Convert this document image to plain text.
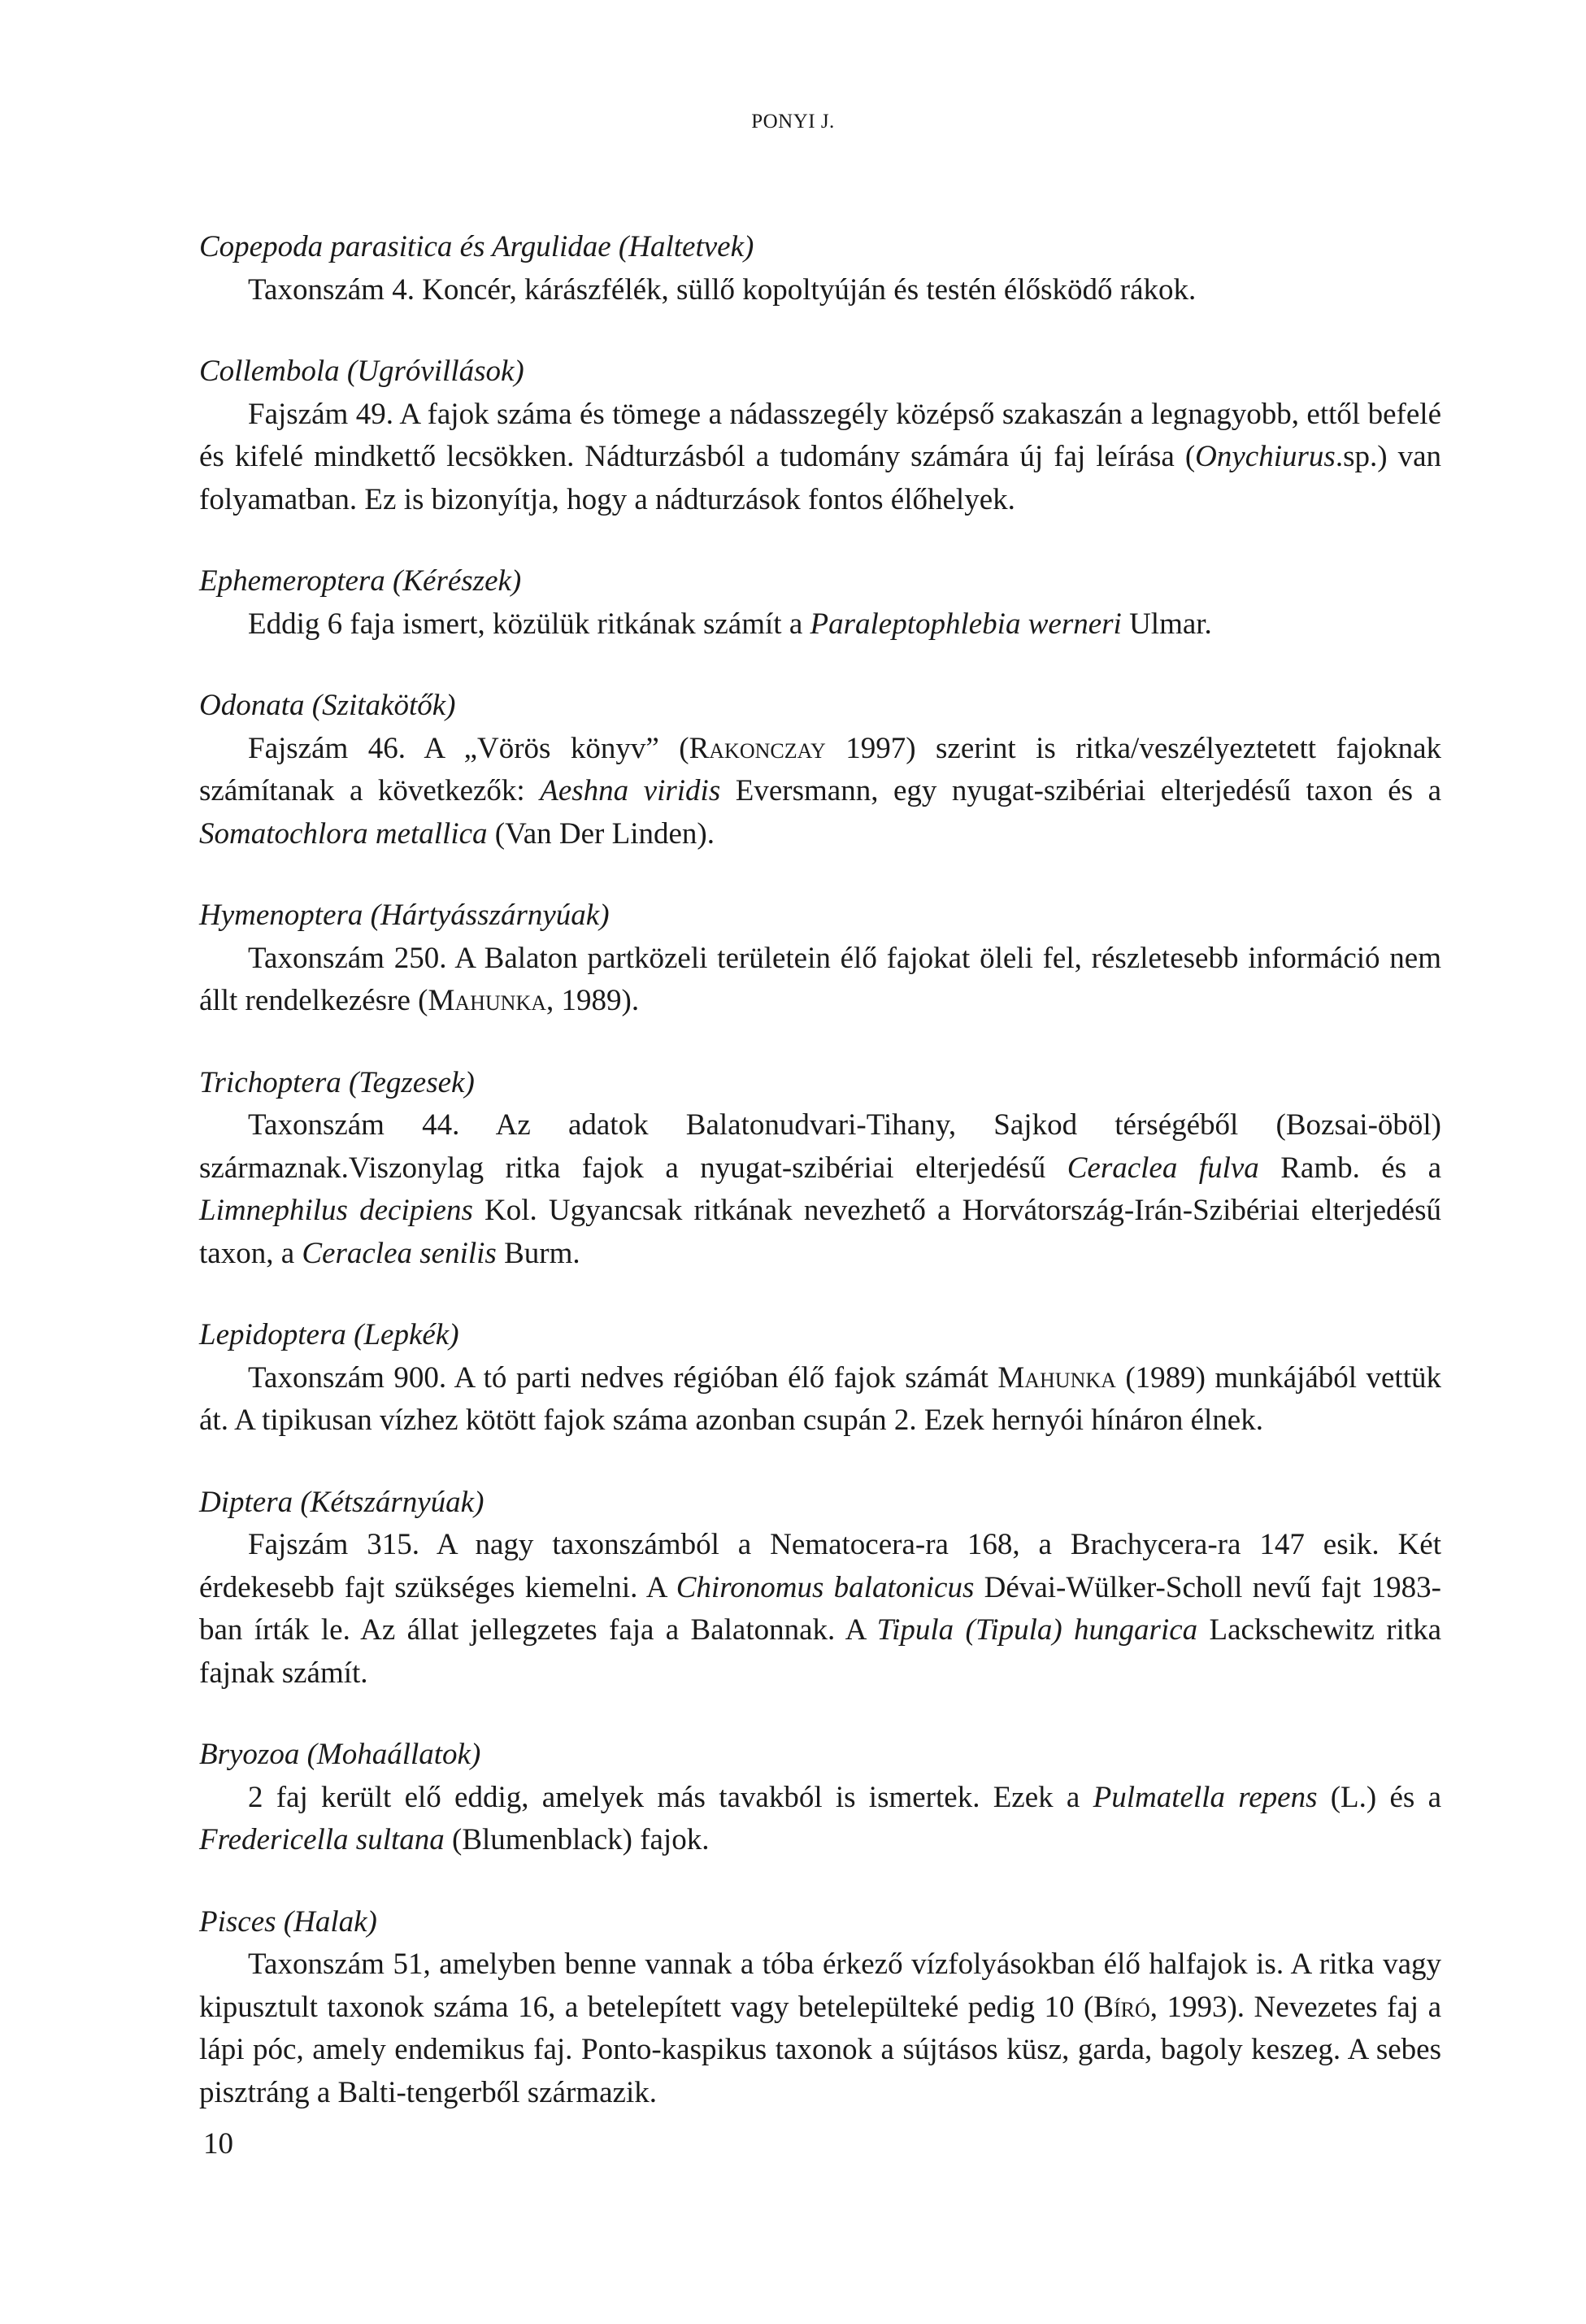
PONYI J.

Copepoda parasitica és Argulidae (Haltetvek)

Taxonszám 4. Koncér, kárászfélék, süllő kopoltyúján és testén élősködő rákok.

Collembola (Ugróvillások)

Fajszám 49. A fajok száma és tömege a nádasszegély középső szakaszán a legnagyobb, ettől befelé és kifelé mindkettő lecsökken. Nádturzásból a tudomány számára új faj leírása (Onychiurus.sp.) van folyamatban. Ez is bizonyítja, hogy a nádturzások fontos élőhelyek.

Ephemeroptera (Kérészek)

Eddig 6 faja ismert, közülük ritkának számít a Paraleptophlebia werneri Ulmar.

Odonata (Szitakötők)

Fajszám 46. A „Vörös könyv” (Rakonczay 1997) szerint is ritka/veszélyeztetett fajoknak számítanak a következők: Aeshna viridis Eversmann, egy nyugat-szibériai elterjedésű taxon és a Somatochlora metallica (Van Der Linden).

Hymenoptera (Hártyásszárnyúak)

Taxonszám 250. A Balaton partközeli területein élő fajokat öleli fel, részletesebb információ nem állt rendelkezésre (Mahunka, 1989).

Trichoptera (Tegzesek)

Taxonszám 44. Az adatok Balatonudvari-Tihany, Sajkod térségéből (Bozsai-öböl) származnak.Viszonylag ritka fajok a nyugat-szibériai elterjedésű Ceraclea fulva Ramb. és a Limnephilus decipiens Kol. Ugyancsak ritkának nevezhető a Horvátország-Irán-Szibériai elterjedésű taxon, a Ceraclea senilis Burm.

Lepidoptera (Lepkék)

Taxonszám 900. A tó parti nedves régióban élő fajok számát Mahunka (1989) munkájából vettük át. A tipikusan vízhez kötött fajok száma azonban csupán 2. Ezek hernyói hínáron élnek.

Diptera (Kétszárnyúak)

Fajszám 315. A nagy taxonszámból a Nematocera-ra 168, a Brachycera-ra 147 esik. Két érdekesebb fajt szükséges kiemelni. A Chironomus balatonicus Dévai-Wülker-Scholl nevű fajt 1983-ban írták le. Az állat jellegzetes faja a Balatonnak. A Tipula (Tipula) hungarica Lackschewitz ritka fajnak számít.

Bryozoa (Mohaállatok)

2 faj került elő eddig, amelyek más tavakból is ismertek. Ezek a Pulmatella repens (L.) és a Fredericella sultana (Blumenblack) fajok.

Pisces (Halak)

Taxonszám 51, amelyben benne vannak a tóba érkező vízfolyásokban élő halfajok is. A ritka vagy kipusztult taxonok száma 16, a betelepített vagy betelepülteké pedig 10 (Bíró, 1993). Nevezetes faj a lápi póc, amely endemikus faj. Ponto-kaspikus taxonok a sújtásos küsz, garda, bagoly keszeg. A sebes pisztráng a Balti-tengerből származik.

10
